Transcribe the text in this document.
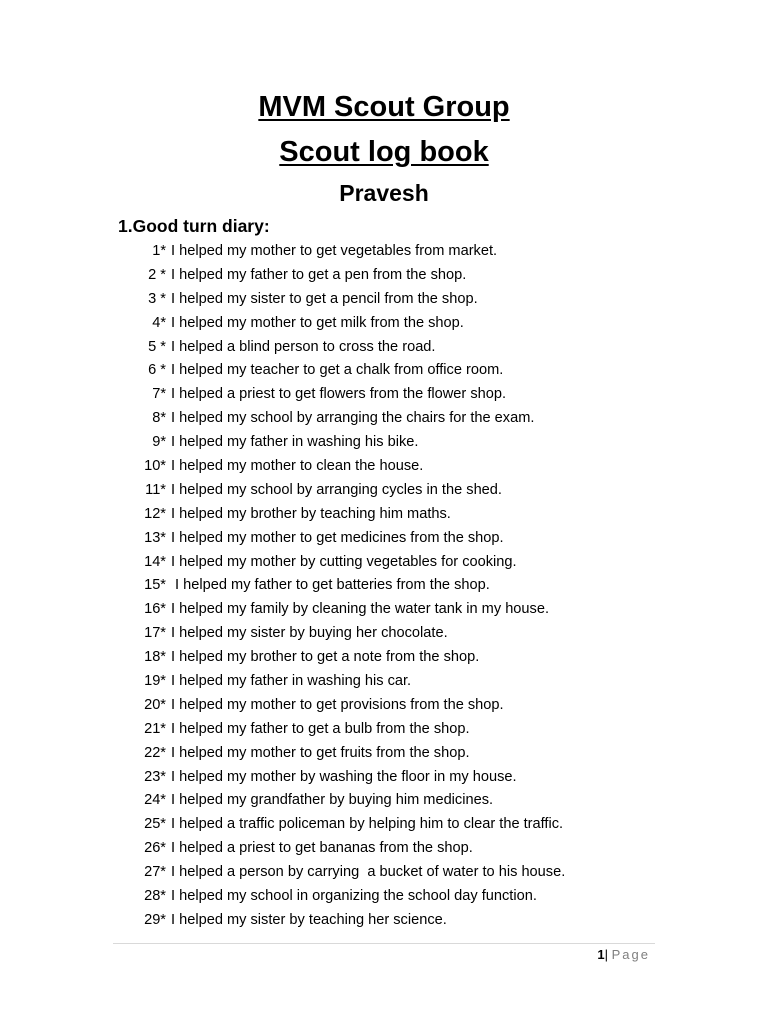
MVM Scout Group
Scout log book
Pravesh
1.Good turn diary:
1* I helped my mother to get vegetables from market.
2 * I helped my father to get a pen from the shop.
3 * I helped my sister to get a pencil from the shop.
4* I helped my mother to get milk from the shop.
5 * I helped a blind person to cross the road.
6 * I helped my teacher to get a chalk from office room.
7* I helped a priest to get flowers from the flower shop.
8* I helped my school by arranging the chairs for the exam.
9* I helped my father in washing his bike.
10* I helped my mother to clean the house.
11* I helped my school by arranging cycles in the shed.
12* I helped my brother by teaching him maths.
13* I helped my mother to get medicines from the shop.
14* I helped my mother by cutting vegetables for cooking.
15* I helped my father to get batteries from the shop.
16* I helped my family by cleaning the water tank in my house.
17* I helped my sister by buying her chocolate.
18* I helped my brother to get a note from the shop.
19* I helped my father in washing his car.
20* I helped my mother to get provisions from the shop.
21* I helped my father to get a bulb from the shop.
22* I helped my mother to get fruits from the shop.
23* I helped my mother by washing the floor in my house.
24* I helped my grandfather by buying him medicines.
25* I helped a traffic policeman by helping him to clear the traffic.
26* I helped a priest to get bananas from the shop.
27* I helped a person by carrying  a bucket of water to his house.
28* I helped my school in organizing the school day function.
29* I helped my sister by teaching her science.
1| Page
